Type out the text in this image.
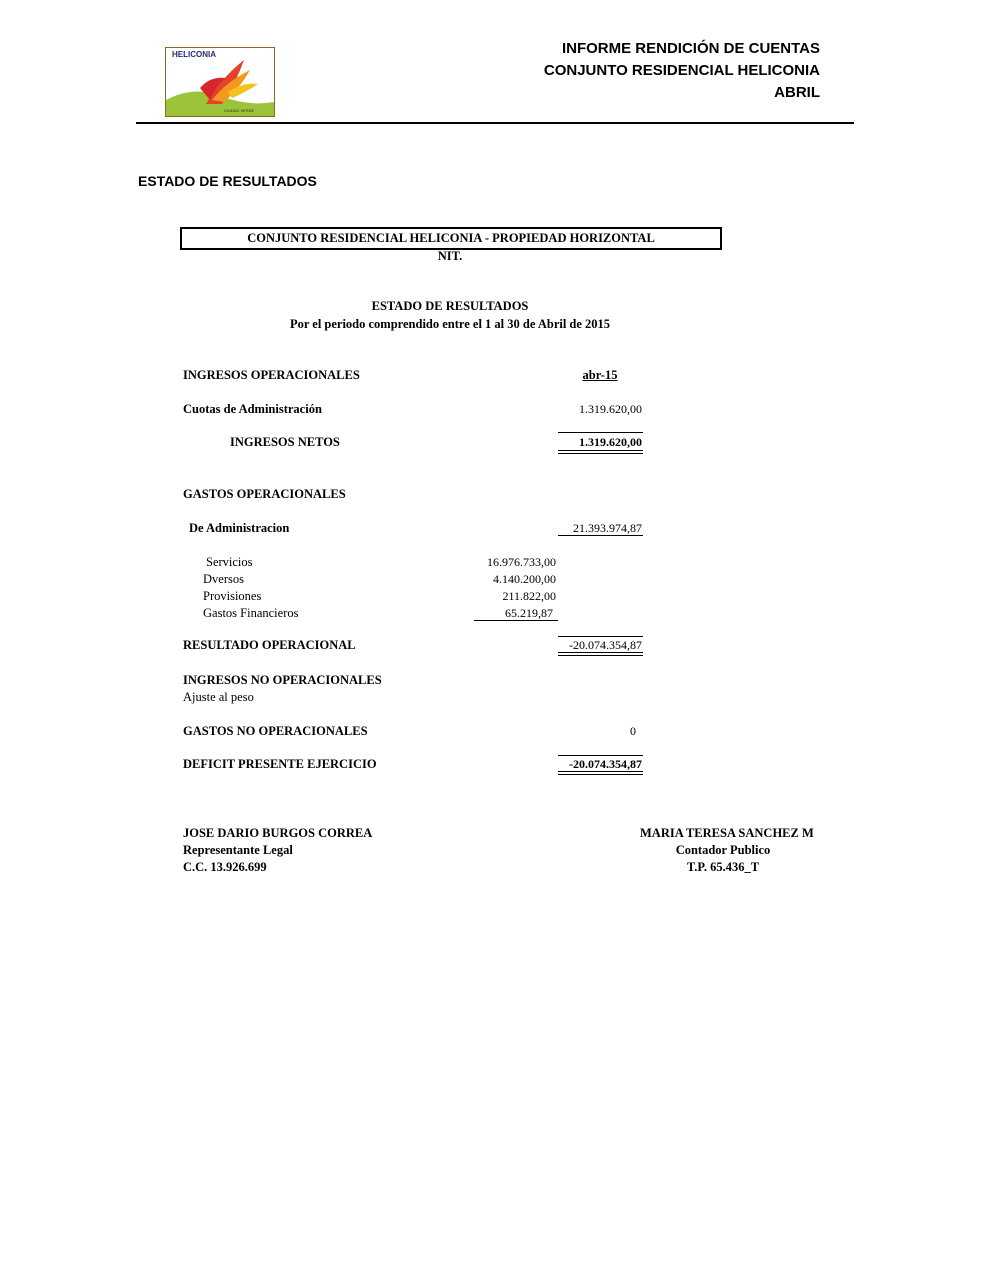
HELICONIA
CIUDAD VERDE
INFORME RENDICIÓN DE CUENTAS
CONJUNTO RESIDENCIAL HELICONIA
ABRIL
ESTADO DE RESULTADOS
CONJUNTO RESIDENCIAL HELICONIA - PROPIEDAD HORIZONTAL
NIT.
ESTADO DE RESULTADOS
Por el periodo comprendido entre el 1 al 30 de Abril de 2015
INGRESOS OPERACIONALES	abr-15
Cuotas de Administración	1.319.620,00
INGRESOS NETOS	1.319.620,00
GASTOS OPERACIONALES
De Administracion	21.393.974,87
Servicios	16.976.733,00
Dversos	4.140.200,00
Provisiones	211.822,00
Gastos Financieros	65.219,87
RESULTADO OPERACIONAL	-20.074.354,87
INGRESOS NO OPERACIONALES
Ajuste al peso
GASTOS NO OPERACIONALES	0
DEFICIT PRESENTE EJERCICIO	-20.074.354,87
JOSE DARIO BURGOS CORREA
Representante Legal
C.C. 13.926.699
MARIA TERESA SANCHEZ M
Contador Publico
T.P. 65.436_T
